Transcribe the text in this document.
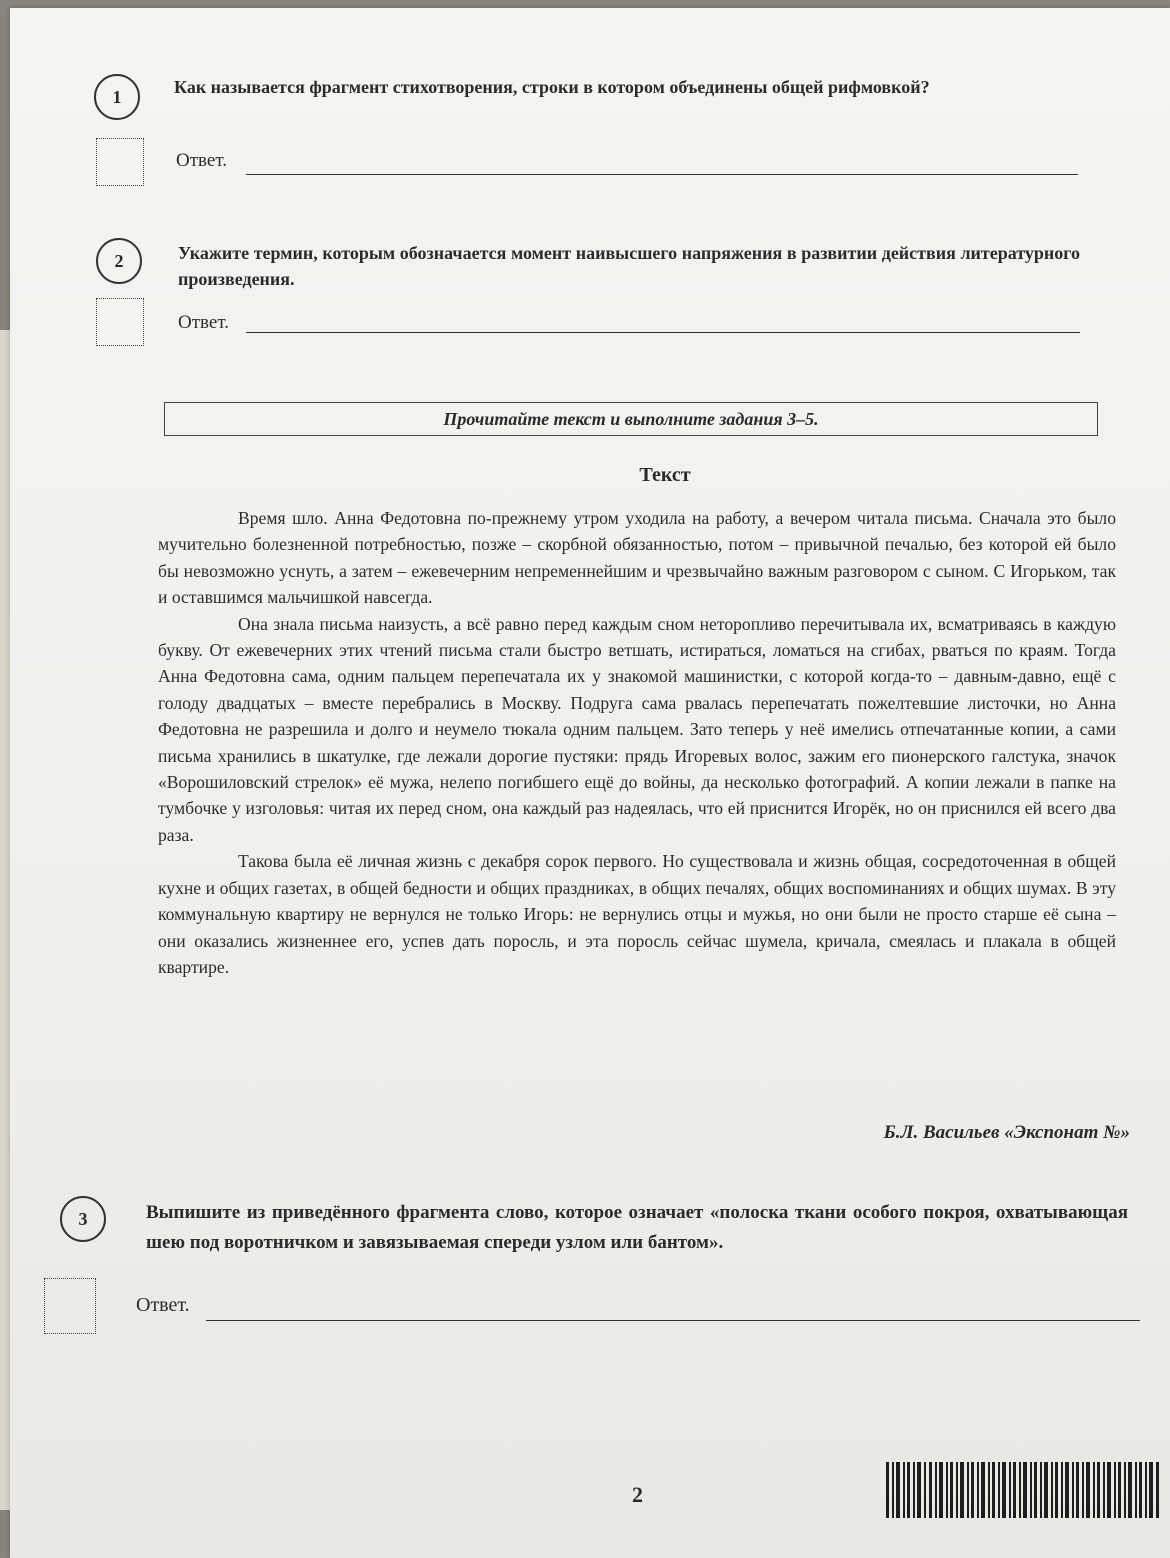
1	Как называется фрагмент стихотворения, строки в котором объединены общей рифмовкой?
Ответ.
2	Укажите термин, которым обозначается момент наивысшего напряжения в развитии действия литературного произведения.
Ответ.
Прочитайте текст и выполните задания 3–5.
Текст

Время шло. Анна Федотовна по-прежнему утром уходила на работу, а вечером читала письма. Сначала это было мучительно болезненной потребностью, позже – скорбной обязанностью, потом – привычной печалью, без которой ей было бы невозможно уснуть, а затем – ежевечерним непременнейшим и чрезвычайно важным разговором с сыном. С Игорьком, так и оставшимся мальчишкой навсегда.

Она знала письма наизусть, а всё равно перед каждым сном неторопливо перечитывала их, всматриваясь в каждую букву. От ежевечерних этих чтений письма стали быстро ветшать, истираться, ломаться на сгибах, рваться по краям. Тогда Анна Федотовна сама, одним пальцем перепечатала их у знакомой машинистки, с которой когда-то – давным-давно, ещё с голоду двадцатых – вместе перебрались в Москву. Подруга сама рвалась перепечатать пожелтевшие листочки, но Анна Федотовна не разрешила и долго и неумело тюкала одним пальцем. Зато теперь у неё имелись отпечатанные копии, а сами письма хранились в шкатулке, где лежали дорогие пустяки: прядь Игоревых волос, зажим его пионерского галстука, значок «Ворошиловский стрелок» её мужа, нелепо погибшего ещё до войны, да несколько фотографий. А копии лежали в папке на тумбочке у изголовья: читая их перед сном, она каждый раз надеялась, что ей приснится Игорёк, но он приснился ей всего два раза.

Такова была её личная жизнь с декабря сорок первого. Но существовала и жизнь общая, сосредоточенная в общей кухне и общих газетах, в общей бедности и общих праздниках, в общих печалях, общих воспоминаниях и общих шумах. В эту коммунальную квартиру не вернулся не только Игорь: не вернулись отцы и мужья, но они были не просто старше её сына – они оказались жизненнее его, успев дать поросль, и эта поросль сейчас шумела, кричала, смеялась и плакала в общей квартире.

Б.Л. Васильев «Экспонат №»
3	Выпишите из приведённого фрагмента слово, которое означает «полоска ткани особого покроя, охватывающая шею под воротничком и завязываемая спереди узлом или бантом».
Ответ.
2
